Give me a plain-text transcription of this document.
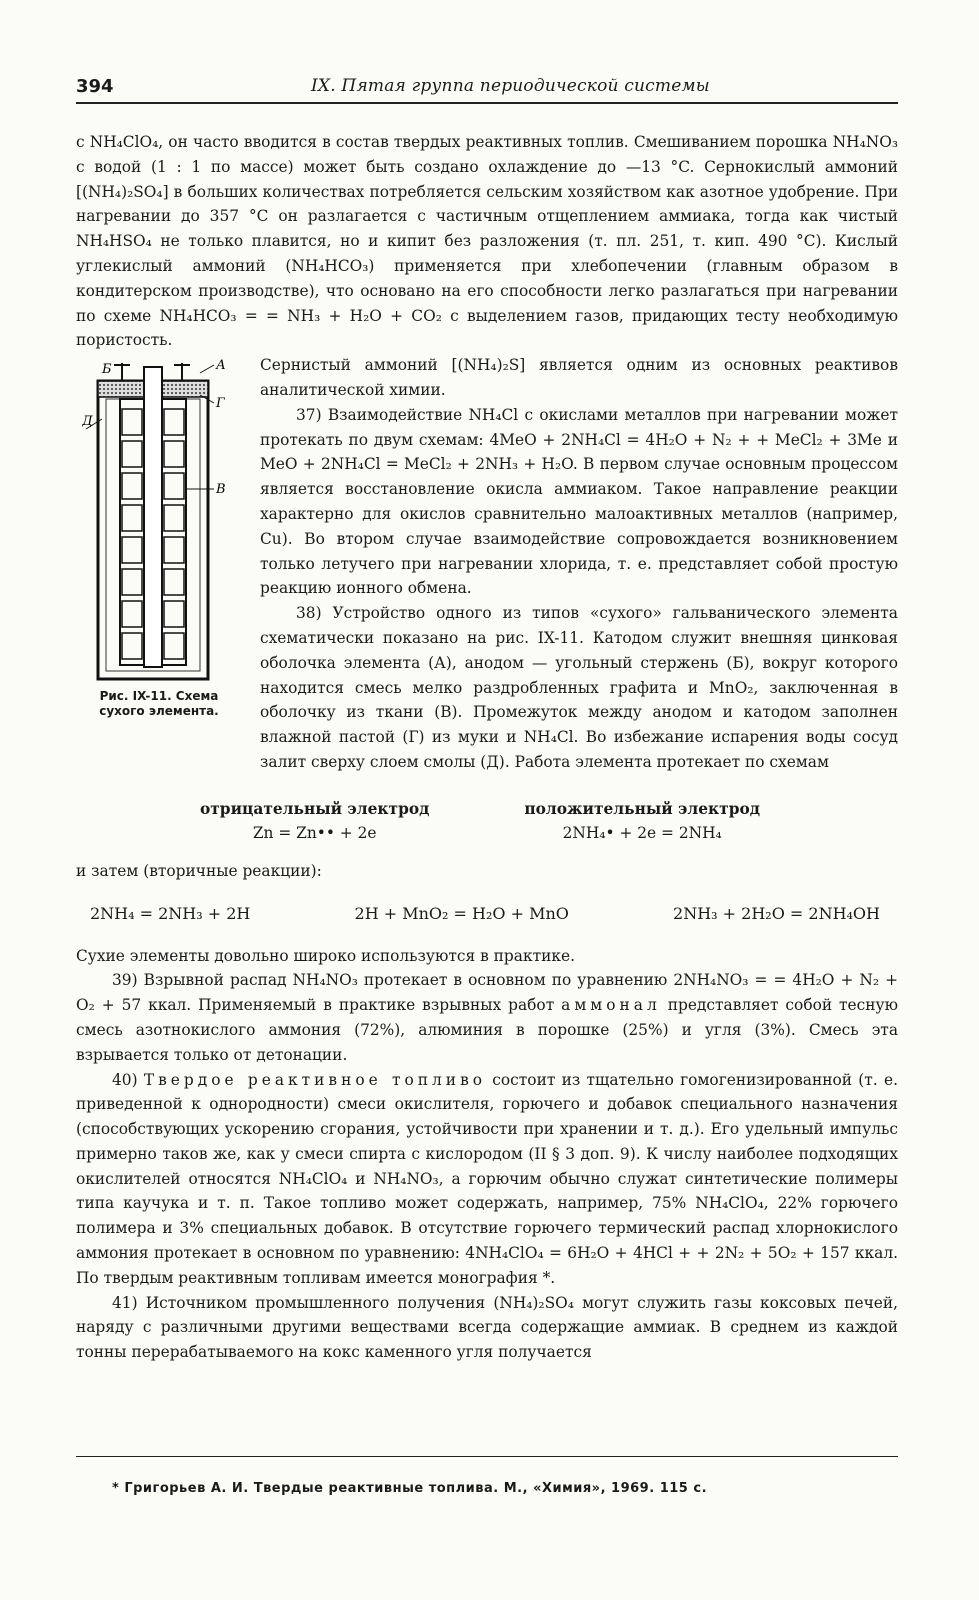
394	IX. Пятая группа периодической системы

с NH₄ClO₄, он часто вводится в состав твердых реактивных топлив. Смешиванием порошка NH₄NO₃ с водой (1 : 1 по массе) может быть создано охлаждение до —13 °C. Сернокислый аммоний [(NH₄)₂SO₄] в больших количествах потребляется сельским хозяйством как азотное удобрение. При нагревании до 357 °C он разлагается с частичным отщеплением аммиака, тогда как чистый NH₄HSO₄ не только плавится, но и кипит без разложения (т. пл. 251, т. кип. 490 °C). Кислый углекислый аммоний (NH₄HCO₃) применяется при хлебопечении (главным образом в кондитерском производстве), что основано на его способности легко разлагаться при нагревании по схеме NH₄HCO₃ = = NH₃ + H₂O + CO₂ с выделением газов, придающих тесту необходимую пористость.

Б	А
Г
Д
В
Рис. IX-11. Схема
сухого элемента.

Сернистый аммоний [(NH₄)₂S] является одним из основных реактивов аналитической химии.

37) Взаимодействие NH₄Cl с окислами металлов при нагревании может протекать по двум схемам: 4MeO + 2NH₄Cl = 4H₂O + N₂ + + MeCl₂ + 3Me и MeO + 2NH₄Cl = MeCl₂ + 2NH₃ + H₂O. В первом случае основным процессом является восстановление окисла аммиаком. Такое направление реакции характерно для окислов сравнительно малоактивных металлов (например, Cu). Во втором случае взаимодействие сопровождается возникновением только летучего при нагревании хлорида, т. е. представляет собой простую реакцию ионного обмена.

38) Устройство одного из типов «сухого» гальванического элемента схематически показано на рис. IX-11. Катодом служит внешняя цинковая оболочка элемента (А), анодом — угольный стержень (Б), вокруг которого находится смесь мелко раздробленных графита и MnO₂, заключенная в оболочку из ткани (В). Промежуток между анодом и катодом заполнен влажной пастой (Г) из муки и NH₄Cl. Во избежание испарения воды сосуд залит сверху слоем смолы (Д). Работа элемента протекает по схемам

отрицательный электрод
Zn = Zn•• + 2e
положительный электрод
2NH₄• + 2e = 2NH₄

и затем (вторичные реакции):

2NH₄ = 2NH₃ + 2H	2H + MnO₂ = H₂O + MnO	2NH₃ + 2H₂O = 2NH₄OH

Сухие элементы довольно широко используются в практике.

39) Взрывной распад NH₄NO₃ протекает в основном по уравнению 2NH₄NO₃ = = 4H₂O + N₂ + O₂ + 57 ккал. Применяемый в практике взрывных работ аммонал представляет собой тесную смесь азотнокислого аммония (72%), алюминия в порошке (25%) и угля (3%). Смесь эта взрывается только от детонации.

40) Твердое реактивное топливо состоит из тщательно гомогенизированной (т. е. приведенной к однородности) смеси окислителя, горючего и добавок специального назначения (способствующих ускорению сгорания, устойчивости при хранении и т. д.). Его удельный импульс примерно таков же, как у смеси спирта с кислородом (II § 3 доп. 9). К числу наиболее подходящих окислителей относятся NH₄ClO₄ и NH₄NO₃, а горючим обычно служат синтетические полимеры типа каучука и т. п. Такое топливо может содержать, например, 75% NH₄ClO₄, 22% горючего полимера и 3% специальных добавок. В отсутствие горючего термический распад хлорнокислого аммония протекает в основном по уравнению: 4NH₄ClO₄ = 6H₂O + 4HCl + + 2N₂ + 5O₂ + 157 ккал. По твердым реактивным топливам имеется монография *.

41) Источником промышленного получения (NH₄)₂SO₄ могут служить газы коксовых печей, наряду с различными другими веществами всегда содержащие аммиак. В среднем из каждой тонны перерабатываемого на кокс каменного угля получается

* Григорьев А. И. Твердые реактивные топлива. М., «Химия», 1969. 115 с.
